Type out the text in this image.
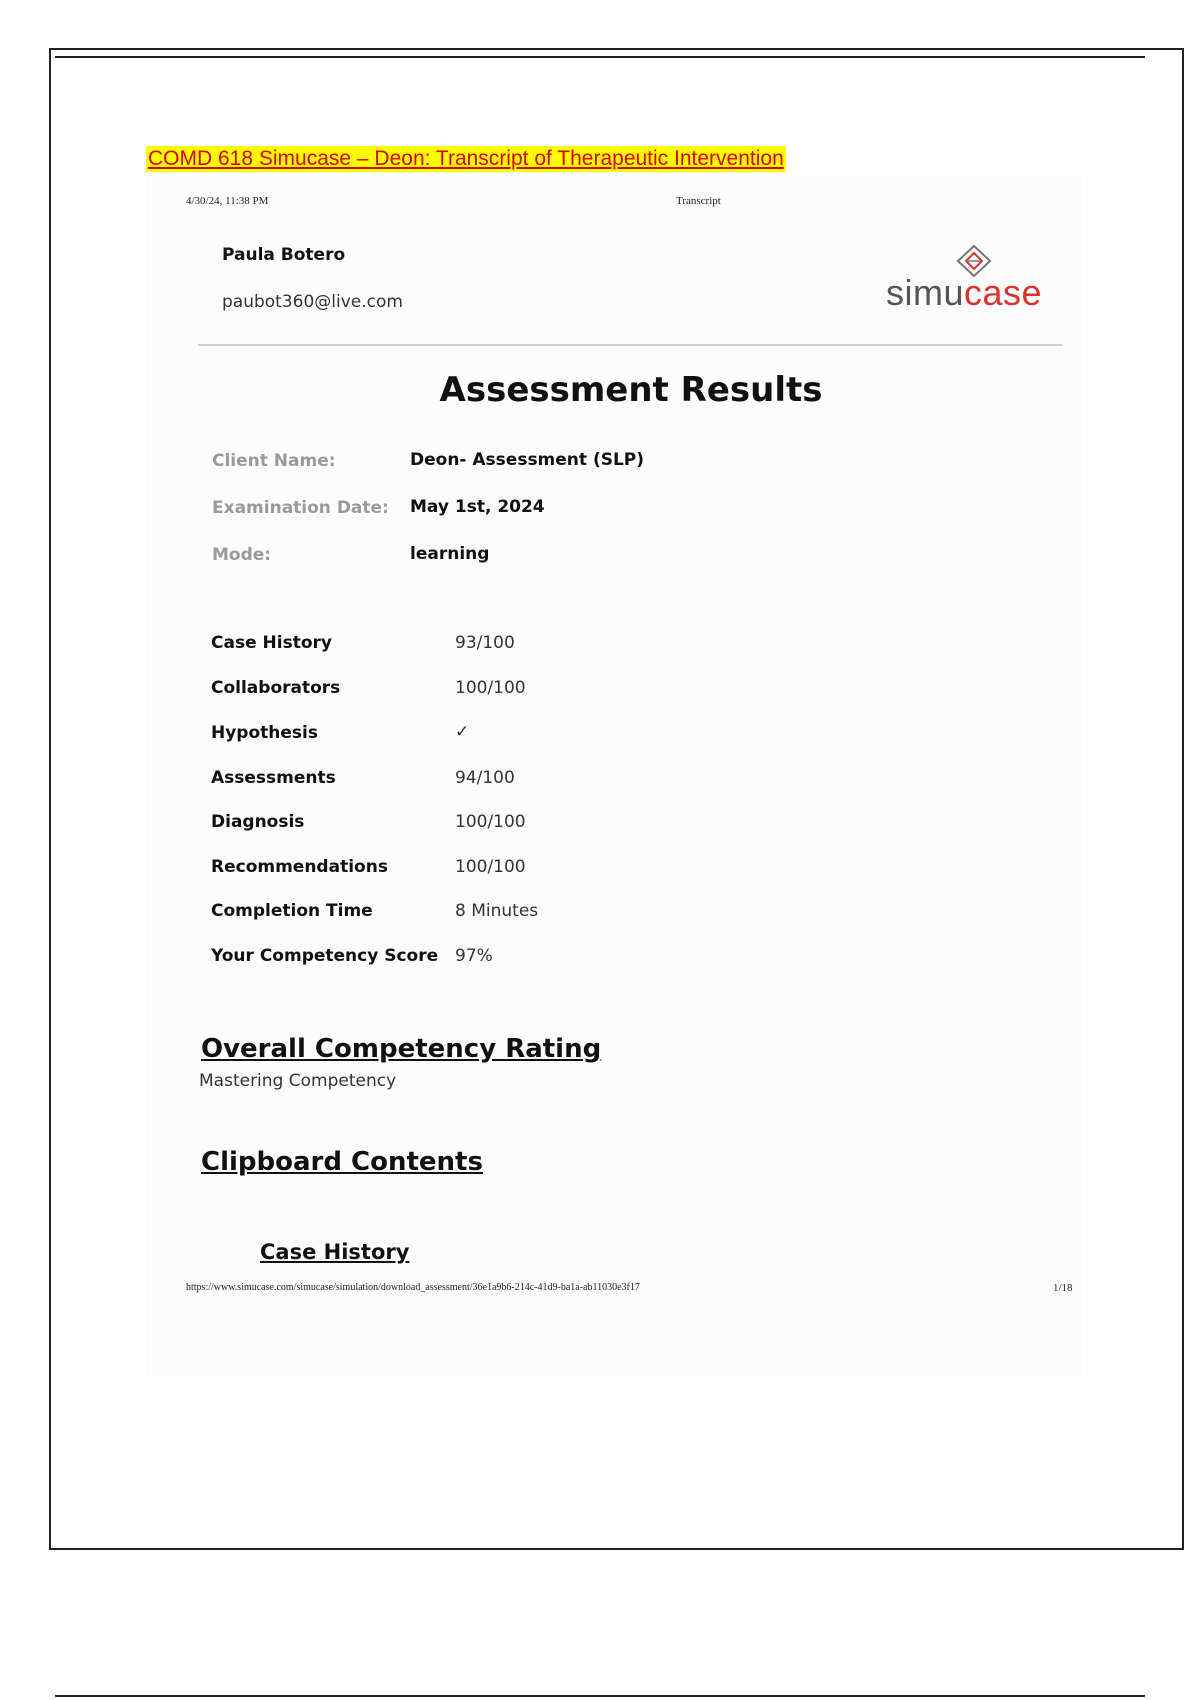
COMD 618 Simucase – Deon: Transcript of Therapeutic Intervention
4/30/24, 11:38 PM	Transcript
Paula Botero
paubot360@live.com	simucase
Assessment Results
Client Name:	Deon- Assessment (SLP)
Examination Date: May 1st, 2024
Mode:	learning
Case History	93/100
Collaborators	100/100
Hypothesis	✓
Assessments	94/100
Diagnosis	100/100
Recommendations	100/100
Completion Time	8 Minutes
Your Competency Score 97%
Overall Competency Rating
Mastering Competency
Clipboard Contents
Case History
https://www.simucase.com/simucase/simulation/download_assessment/36e1a9b6-214c-41d9-ba1a-ab11030e3f17	1/18
